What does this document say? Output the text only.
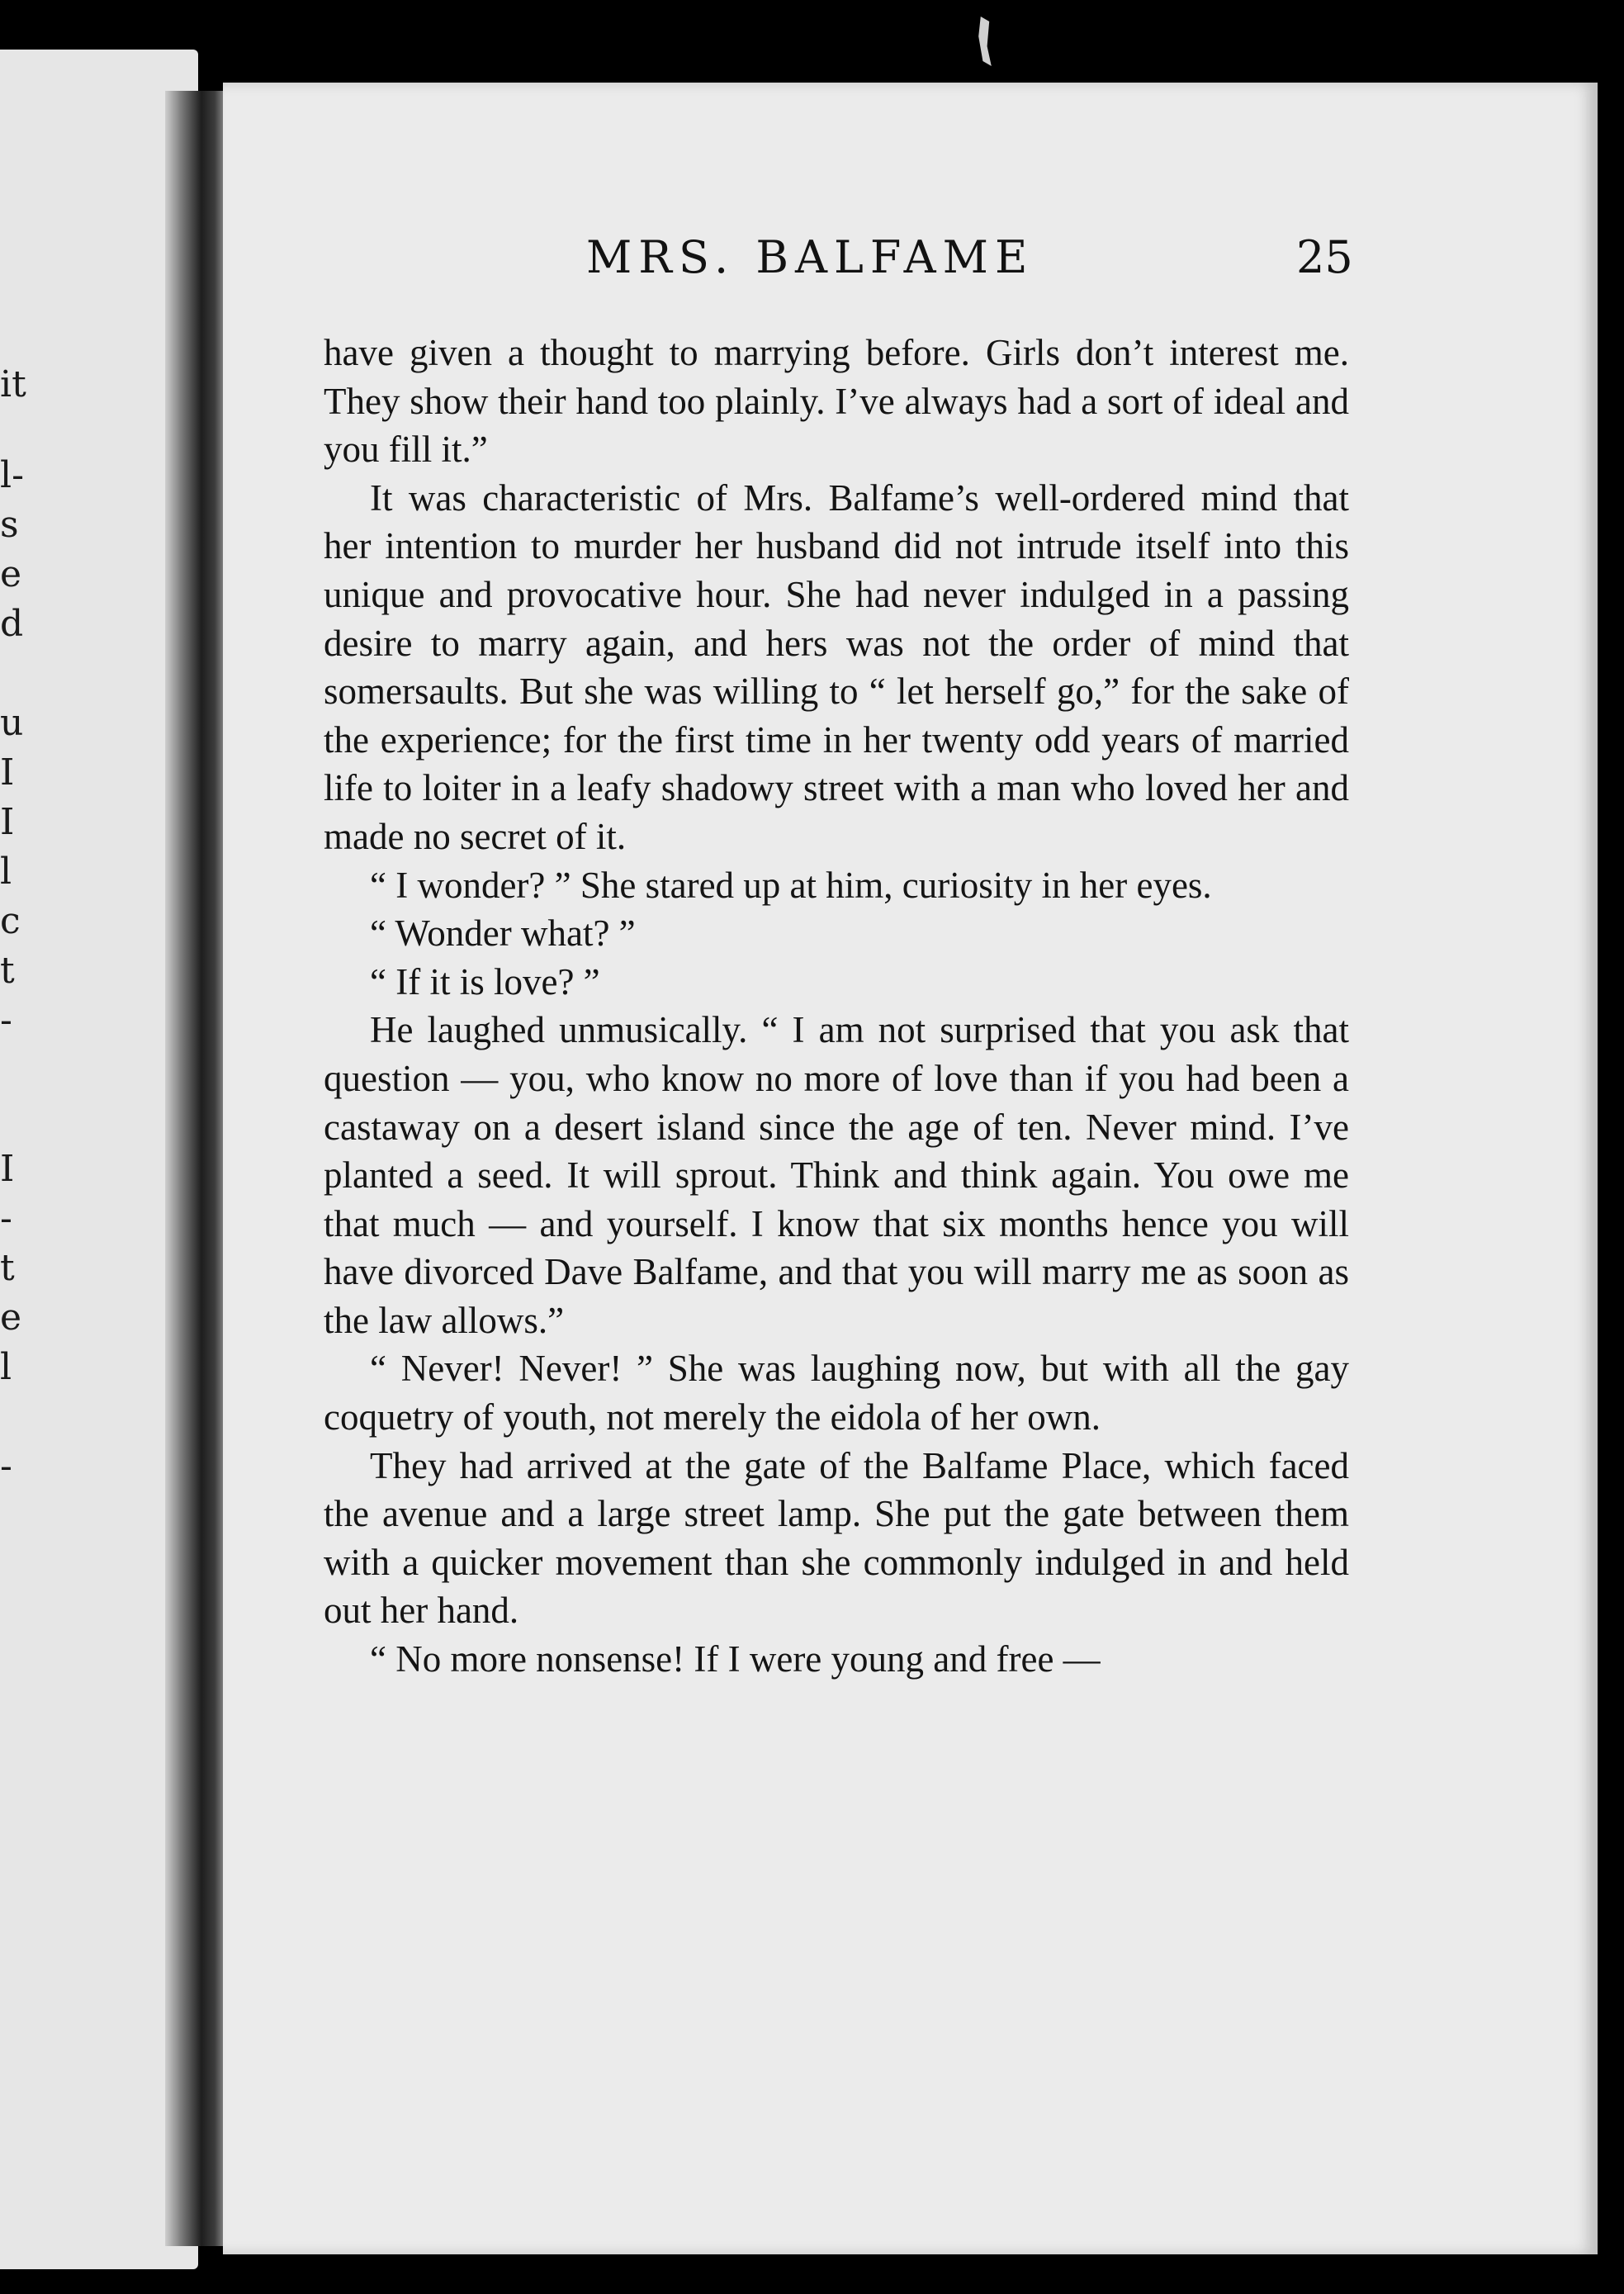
it
l-
s
e
d
u
I
I
l
c
t
-
I
-
t
e
l
-
MRS. BALFAME	25

have given a thought to marrying before. Girls don’t interest me. They show their hand too plainly. I’ve always had a sort of ideal and you fill it.”

It was characteristic of Mrs. Balfame’s well-ordered mind that her intention to murder her husband did not intrude itself into this unique and provocative hour. She had never indulged in a passing desire to marry again, and hers was not the order of mind that somersaults. But she was willing to “ let herself go,” for the sake of the experience; for the first time in her twenty odd years of married life to loiter in a leafy shadowy street with a man who loved her and made no secret of it.

“ I wonder? ” She stared up at him, curiosity in her eyes.

“ Wonder what? ”

“ If it is love? ”

He laughed unmusically. “ I am not surprised that you ask that question — you, who know no more of love than if you had been a castaway on a desert island since the age of ten. Never mind. I’ve planted a seed. It will sprout. Think and think again. You owe me that much — and yourself. I know that six months hence you will have divorced Dave Balfame, and that you will marry me as soon as the law allows.”

“ Never! Never! ” She was laughing now, but with all the gay coquetry of youth, not merely the eidola of her own.

They had arrived at the gate of the Balfame Place, which faced the avenue and a large street lamp. She put the gate between them with a quicker movement than she commonly indulged in and held out her hand.

“ No more nonsense! If I were young and free —
